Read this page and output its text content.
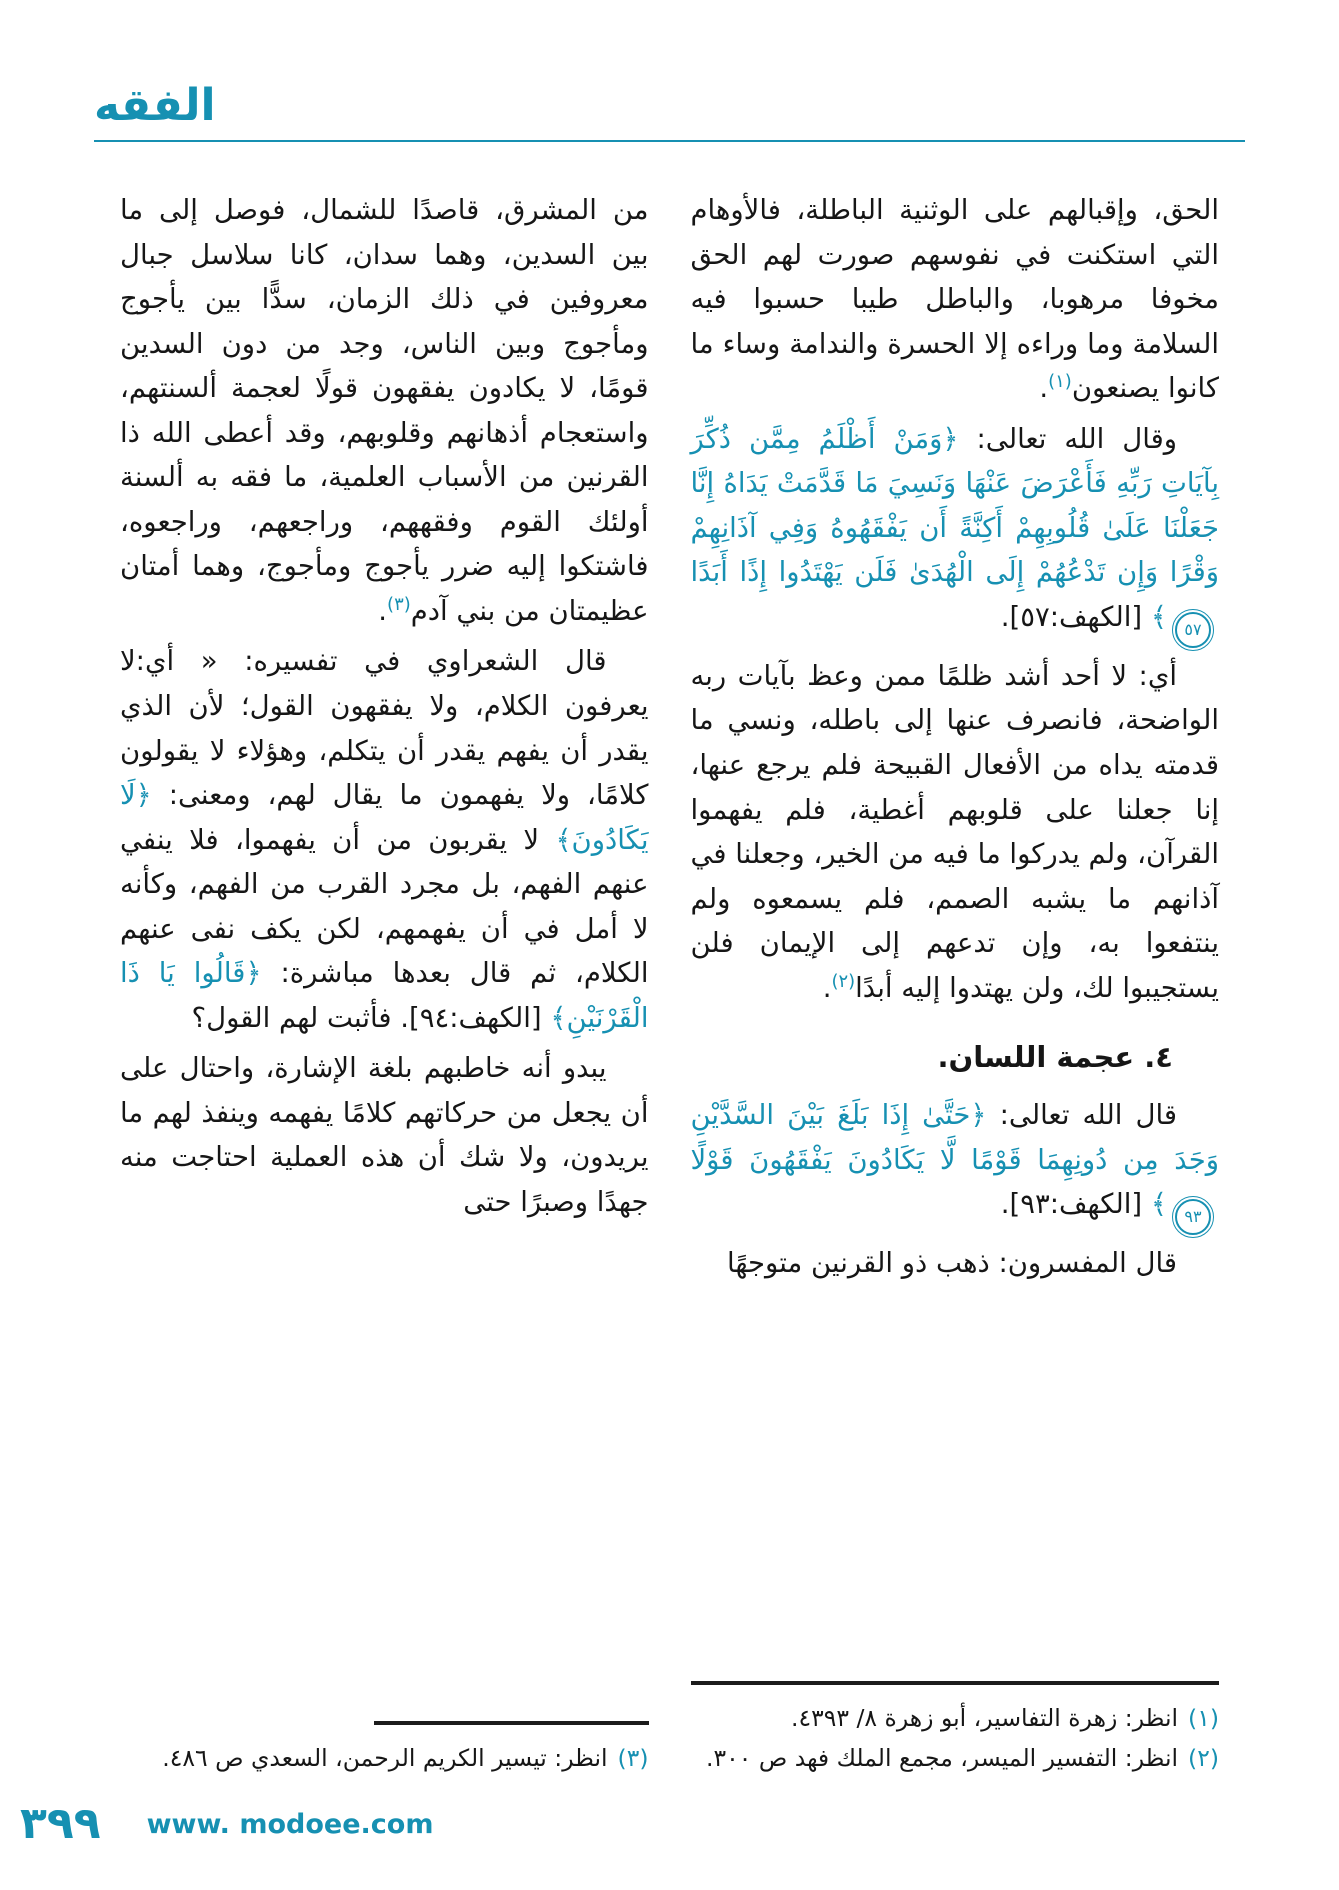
الفقه

الحق، وإقبالهم على الوثنية الباطلة، فالأوهام التي استكنت في نفوسهم صورت لهم الحق مخوفا مرهوبا، والباطل طيبا حسبوا فيه السلامة وما وراءه إلا الحسرة والندامة وساء ما كانوا يصنعون$^{(١)}$.

وقال الله تعالى: ﴿وَمَنْ أَظْلَمُ مِمَّن ذُكِّرَ بِآيَاتِ رَبِّهِ فَأَعْرَضَ عَنْهَا وَنَسِيَ مَا قَدَّمَتْ يَدَاهُ إِنَّا جَعَلْنَا عَلَىٰ قُلُوبِهِمْ أَكِنَّةً أَن يَفْقَهُوهُ وَفِي آذَانِهِمْ وَقْرًا وَإِن تَدْعُهُمْ إِلَى الْهُدَىٰ فَلَن يَهْتَدُوا إِذًا أَبَدًا
٥٧
﴾ [الكهف:٥٧].

أي: لا أحد أشد ظلمًا ممن وعظ بآيات ربه الواضحة، فانصرف عنها إلى باطله، ونسي ما قدمته يداه من الأفعال القبيحة فلم يرجع عنها، إنا جعلنا على قلوبهم أغطية، فلم يفهموا القرآن، ولم يدركوا ما فيه من الخير، وجعلنا في آذانهم ما يشبه الصمم، فلم يسمعوه ولم ينتفعوا به، وإن تدعهم إلى الإيمان فلن يستجيبوا لك، ولن يهتدوا إليه أبدًا$^{(٢)}$.

٤. عجمة اللسان.

قال الله تعالى: ﴿حَتَّىٰ إِذَا بَلَغَ بَيْنَ السَّدَّيْنِ وَجَدَ مِن دُونِهِمَا قَوْمًا لَّا يَكَادُونَ يَفْقَهُونَ قَوْلًا
٩٣
﴾ [الكهف:٩٣].

قال المفسرون: ذهب ذو القرنين متوجهًا

(١)
انظر: زهرة التفاسير، أبو زهرة ٨/ ٤٣٩٣.
(٢)
انظر: التفسير الميسر، مجمع الملك فهد ص ٣٠٠.

من المشرق، قاصدًا للشمال، فوصل إلى ما بين السدين، وهما سدان، كانا سلاسل جبال معروفين في ذلك الزمان، سدًّا بين يأجوج ومأجوج وبين الناس، وجد من دون السدين قومًا، لا يكادون يفقهون قولًا لعجمة ألسنتهم، واستعجام أذهانهم وقلوبهم، وقد أعطى الله ذا القرنين من الأسباب العلمية، ما فقه به ألسنة أولئك القوم وفقههم، وراجعهم، وراجعوه، فاشتكوا إليه ضرر يأجوج ومأجوج، وهما أمتان عظيمتان من بني آدم$^{(٣)}$.

قال الشعراوي في تفسيره: « أي:لا يعرفون الكلام، ولا يفقهون القول؛ لأن الذي يقدر أن يفهم يقدر أن يتكلم، وهؤلاء لا يقولون كلامًا، ولا يفهمون ما يقال لهم، ومعنى: ﴿لَا يَكَادُونَ﴾ لا يقربون من أن يفهموا، فلا ينفي عنهم الفهم، بل مجرد القرب من الفهم، وكأنه لا أمل في أن يفهمهم، لكن يكف نفى عنهم الكلام، ثم قال بعدها مباشرة: ﴿قَالُوا يَا ذَا الْقَرْنَيْنِ﴾ [الكهف:٩٤]. فأثبت لهم القول؟

يبدو أنه خاطبهم بلغة الإشارة، واحتال على أن يجعل من حركاتهم كلامًا يفهمه وينفذ لهم ما يريدون، ولا شك أن هذه العملية احتاجت منه جهدًا وصبرًا حتى

(٣)
انظر: تيسير الكريم الرحمن، السعدي ص ٤٨٦.
٣٩٩ www. modoee.com
